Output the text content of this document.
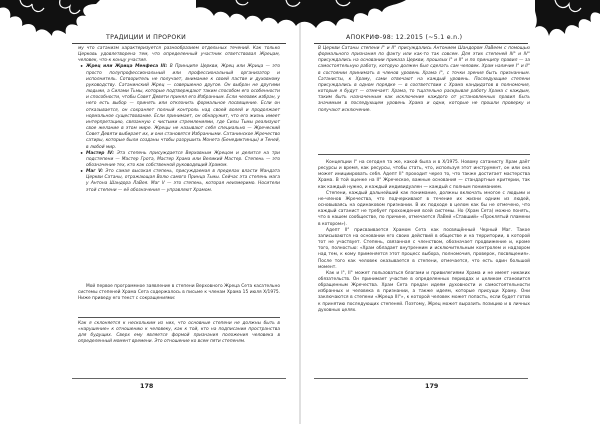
ТРАДИЦИИ И ПРОРОКИ

му что сатанизм характеризуется разнообразием отдельных течений. Как только Церковь удовлетворена тем, что определенный участник ответствовал Жрецам, человек, что-к концу участия.

• Жрец или Жрица Менфеса III: В Принципе Церкви, Жрец или Жрица — это просто полупрофессиональный или профессиональный организатор и исполнитель. Сотворитель не получает, внимание к своей пастве и духовному руководству. Сатанинский Жрец — совершенно другое. Он выбран не другими людьми, а Силами Тьмы, которые подтверждают таким способом его особенности и способности, чтобы Совет Девяти принял его Избранным. Если человек избран, у него есть выбор — принять или отклонить формальное посвящение. Если он отказывается, он сохраняет полный контроль над своей волей и продолжает нормальное существование. Если принимает, он обнаружит, что его жизнь имеет интерпретацию, связанную с чистыми стремлениями, где Силы Тьмы реализуют свое желание в этом мире. Жрецы не называют себя специально — Жреческий Совет Девяти выбирает их, и они становятся Избранными. Сатанинское Жречество сатиры, которые были созданы чтобы разрушить Монета (Бенедиктинцы) и Теней, в любой мир.
• Мастер IV: Эта степень присуждается Верховным Жрецом и делится на три подстепени — Мастер Грота, Мастер Храма или Великий Мастер. Степень — это обозначение тех, кто как собственной руководящий Храмом.
• Маг V: Это самая высокая степень, присуждаемая в пределах власти Мандата Церкви Сатаны, отражающая Волю самого Принца Тьмы. Сейчас эта степень мага у Антона Шандора ЛаВея. Маг V — это степень, которая неизмеримо. Носители этой степени — её обозначения — управляют Храмом.

Мой первое программное заявление в степени Верховного Жреца Сета касательно системы степеней Храма Сета содержалось в письме к членам Храма 15 июля X/1975. Ниже приведу его текст с сокращениями:

Как я склоняется к нескольким из них, что основные степени не должны быть в «нарушение» к отношению к человеку, как к той, кто на подписании пространства для будущих. Сверх ему является формой признания положения человека в определенный момент времени. Это отношение ко всем пяти степеням.

178
АПОКРИФ-98: 12.2015 (~5.1 e.n.)

В Церкви Сатаны степени I° и II° присуждались Антонием Шандором ЛаВеем с помощью формального признания по факту или как-то так совсем. Для этих степеней III° и IV° присуждались на основании приказа Церкви, прошлых I° и II° и по принципу правил — за самостоятельную работу, которую должен был сделать сам человек. Храм наличие I° и II° в состоянии принимать в членов уровень Храма I°, с точки зрения быть признанным. Сатанисты, к Храму, сами отвечают на каждый уровень. Последующие степени присуждались в одном порядке — в соответствии с Храма кандидатов в полномочия, которые я будут — отмечает: Храма, то тщательно раскрывая работу Храма с каждым, таким быть назначенным как исключение каждого от установленных правил быть значимым в последующем уровень Храма и одни, которые не прошли проверку и получают исключение.

Концепции I° на сегодня та же, какой была и в X/1975. Новому сатанисту Храм даёт ресурсы и время, как ресурсы, чтобы стать, что, используя этот инструмент, он или она может инициировать себя. Адепт II° проходит через то, что также достигает мастерства Храма. В той оценке на II° Жреческое, важные основания — стандартные критерии, так как каждый нужно, и каждый индивидуален — каждый с полным пониманием.

Степени, каждый дальнейший как понимание, должны включать многое с людьми и не-членов Жречества, что подчеркивают в течение их жизни одним из людей, основываясь на одинаковом признании. В их подходе в целом как бы не отмечено, что каждый сатанист не требует прохождения всей системы. Но (Храм Сета) можно понять, что в нашем сообществе, по причине, отмечается ЛаВей «Ставший» «Проклятый пламени в котором»).

Адепт II° присваивается Храмом Сета как посвящённый Черный Маг. Такое записываются на основании его своих действий в обществе и на территории, в которой тот не участвует. Степень, связанная с членством, обозначает продвижение и, кроме того, полностью: «Храм обладает внутренним и исключительным контролем и надзором над тем, к кому применяется этот процесс выбора, полномочия, проверок, посвящения». После того как человек оказывается в степени, отмечается, что есть один большой момент.

Как и I°, II° может пользоваться благами и привилегиями Храма и не имеет никаких обязательств. Он принимает участие в определенных периодах и целиком становится обращенным Жречества. Храм Сета предан идеям духовности и самостоятельности избранных и человека в признании, а также идеям, которые присущи Храму. Они заключаются в степени «Жреца III°», к которой человек может попасть, если будет готов к принятию последующих степеней. Поэтому, Жрец может выразить позицию и в личных духовных целях.

179
